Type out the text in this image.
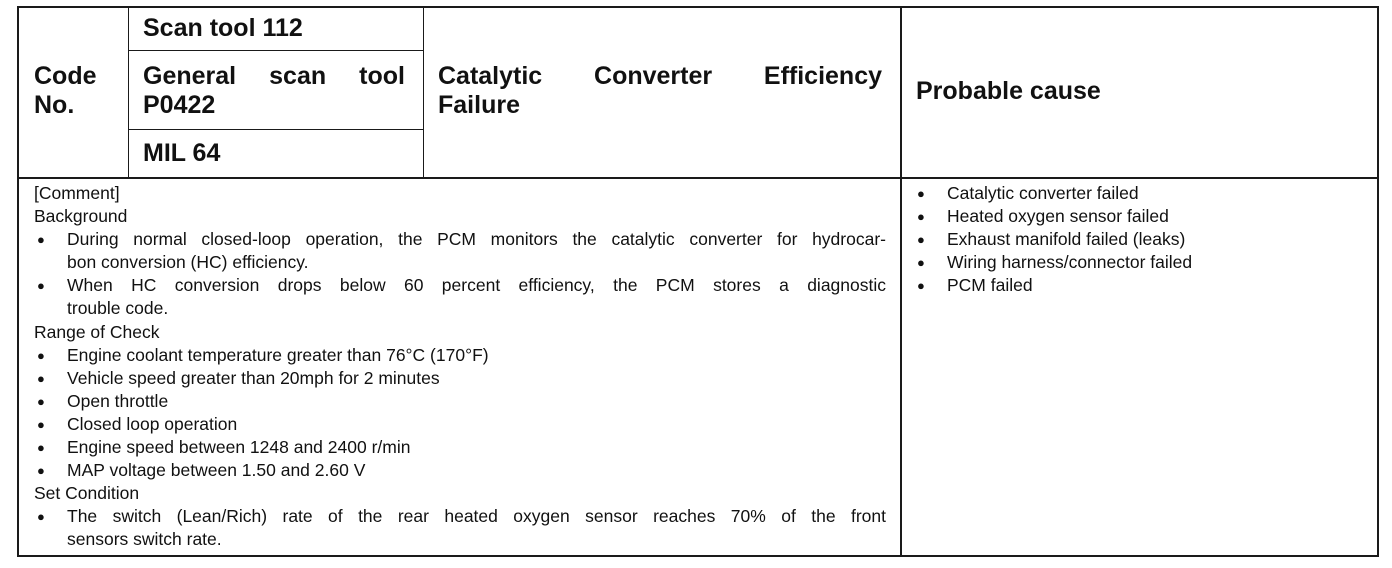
Code
No.
Scan tool 112
General scan tool
P0422
MIL 64
Catalytic Converter Efficiency
Failure	Probable cause
[Comment]
Background
● During normal closed-loop operation, the PCM monitors the catalytic converter for hydrocar-
bon conversion (HC) efficiency.
● When HC conversion drops below 60 percent efficiency, the PCM stores a diagnostic
trouble code.
Range of Check
● Engine coolant temperature greater than 76°C (170°F)
● Vehicle speed greater than 20mph for 2 minutes
● Open throttle
● Closed loop operation
● Engine speed between 1248 and 2400 r/min
● MAP voltage between 1.50 and 2.60 V
Set Condition
● The switch (Lean/Rich) rate of the rear heated oxygen sensor reaches 70% of the front
sensors switch rate.
● Catalytic converter failed
● Heated oxygen sensor failed
● Exhaust manifold failed (leaks)
● Wiring harness/connector failed
● PCM failed
